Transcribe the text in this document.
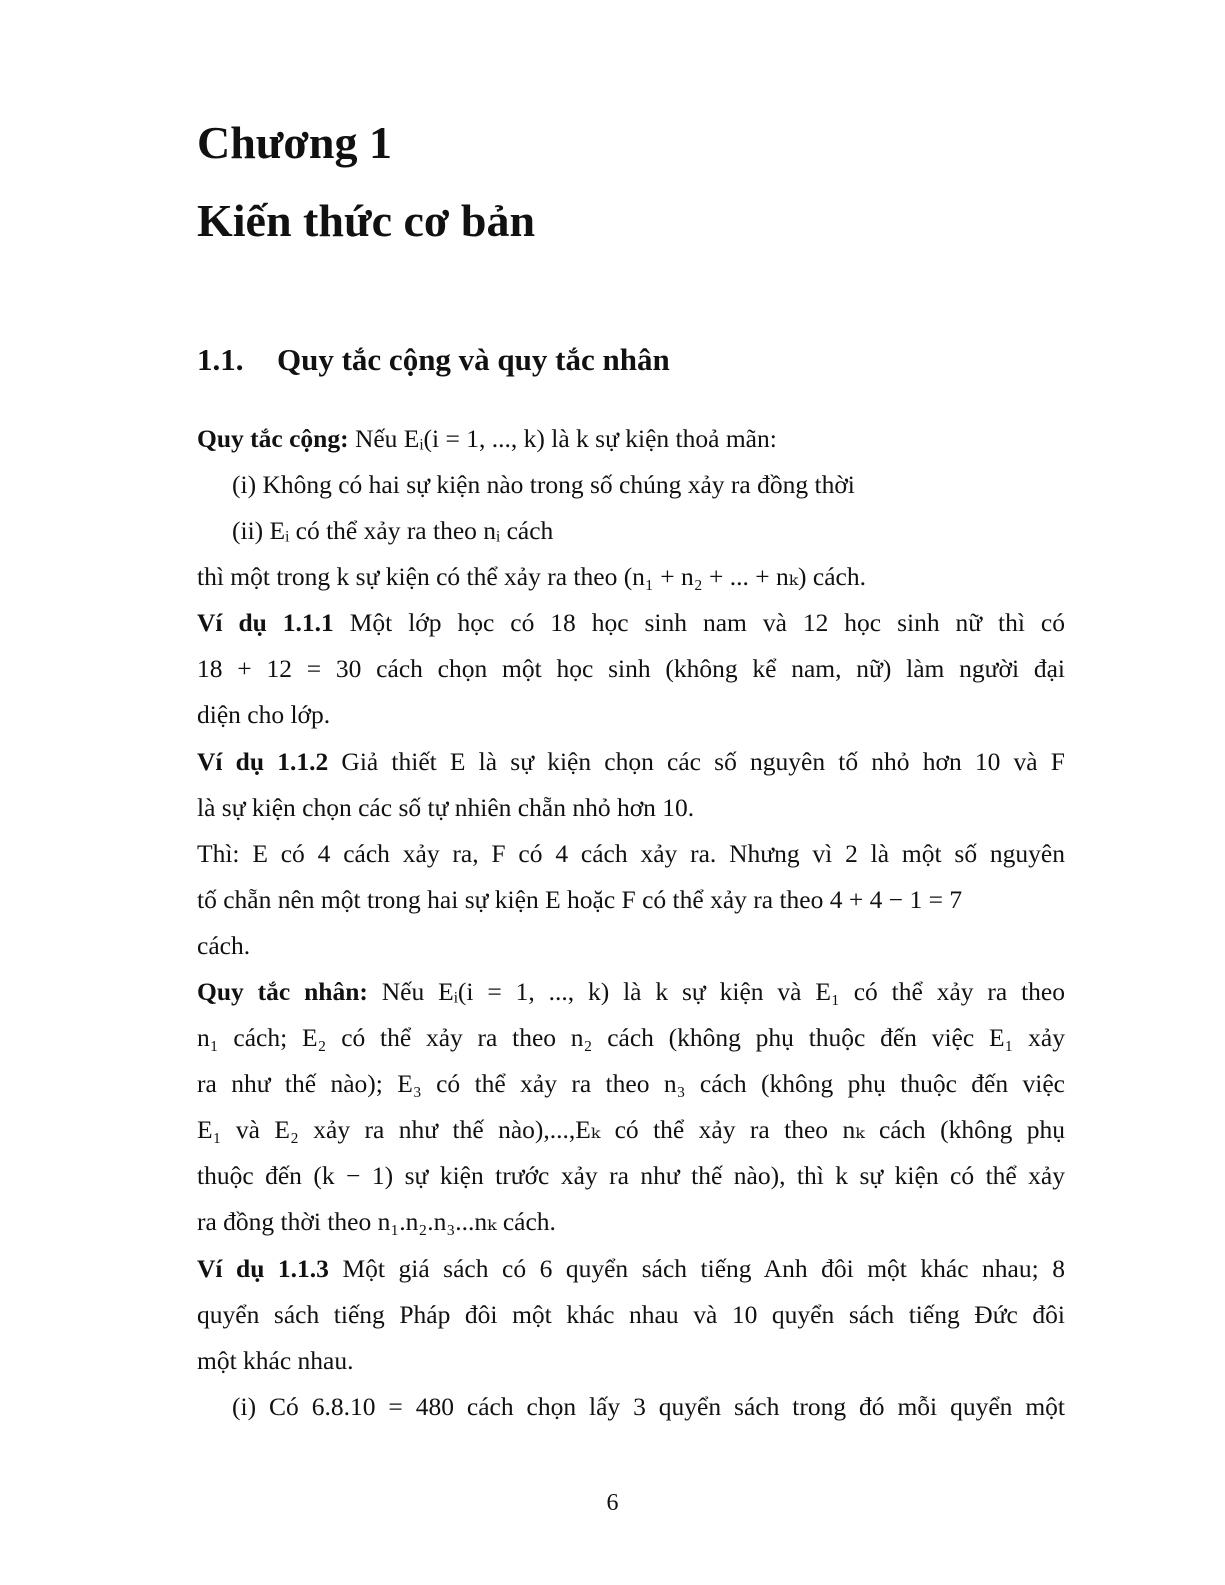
Chương 1
Kiến thức cơ bản
1.1. Quy tắc cộng và quy tắc nhân
Quy tắc cộng: Nếu Eᵢ(i = 1, ..., k) là k sự kiện thoả mãn:
(i) Không có hai sự kiện nào trong số chúng xảy ra đồng thời
(ii) Eᵢ có thể xảy ra theo nᵢ cách
thì một trong k sự kiện có thể xảy ra theo (n₁ + n₂ + ... + nₖ) cách.
Ví dụ 1.1.1 Một lớp học có 18 học sinh nam và 12 học sinh nữ thì có
18 + 12 = 30 cách chọn một học sinh (không kể nam, nữ) làm người đại
diện cho lớp.
Ví dụ 1.1.2 Giả thiết E là sự kiện chọn các số nguyên tố nhỏ hơn 10 và F
là sự kiện chọn các số tự nhiên chẵn nhỏ hơn 10.
Thì: E có 4 cách xảy ra, F có 4 cách xảy ra. Nhưng vì 2 là một số nguyên
tố chẵn nên một trong hai sự kiện E hoặc F có thể xảy ra theo 4 + 4 − 1 = 7
cách.
Quy tắc nhân: Nếu Eᵢ(i = 1, ..., k) là k sự kiện và E₁ có thể xảy ra theo
n₁ cách; E₂ có thể xảy ra theo n₂ cách (không phụ thuộc đến việc E₁ xảy
ra như thế nào); E₃ có thể xảy ra theo n₃ cách (không phụ thuộc đến việc
E₁ và E₂ xảy ra như thế nào),...,Eₖ có thể xảy ra theo nₖ cách (không phụ
thuộc đến (k − 1) sự kiện trước xảy ra như thế nào), thì k sự kiện có thể xảy
ra đồng thời theo n₁.n₂.n₃...nₖ cách.
Ví dụ 1.1.3 Một giá sách có 6 quyển sách tiếng Anh đôi một khác nhau; 8
quyển sách tiếng Pháp đôi một khác nhau và 10 quyển sách tiếng Đức đôi
một khác nhau.
(i) Có 6.8.10 = 480 cách chọn lấy 3 quyển sách trong đó mỗi quyển một
6
